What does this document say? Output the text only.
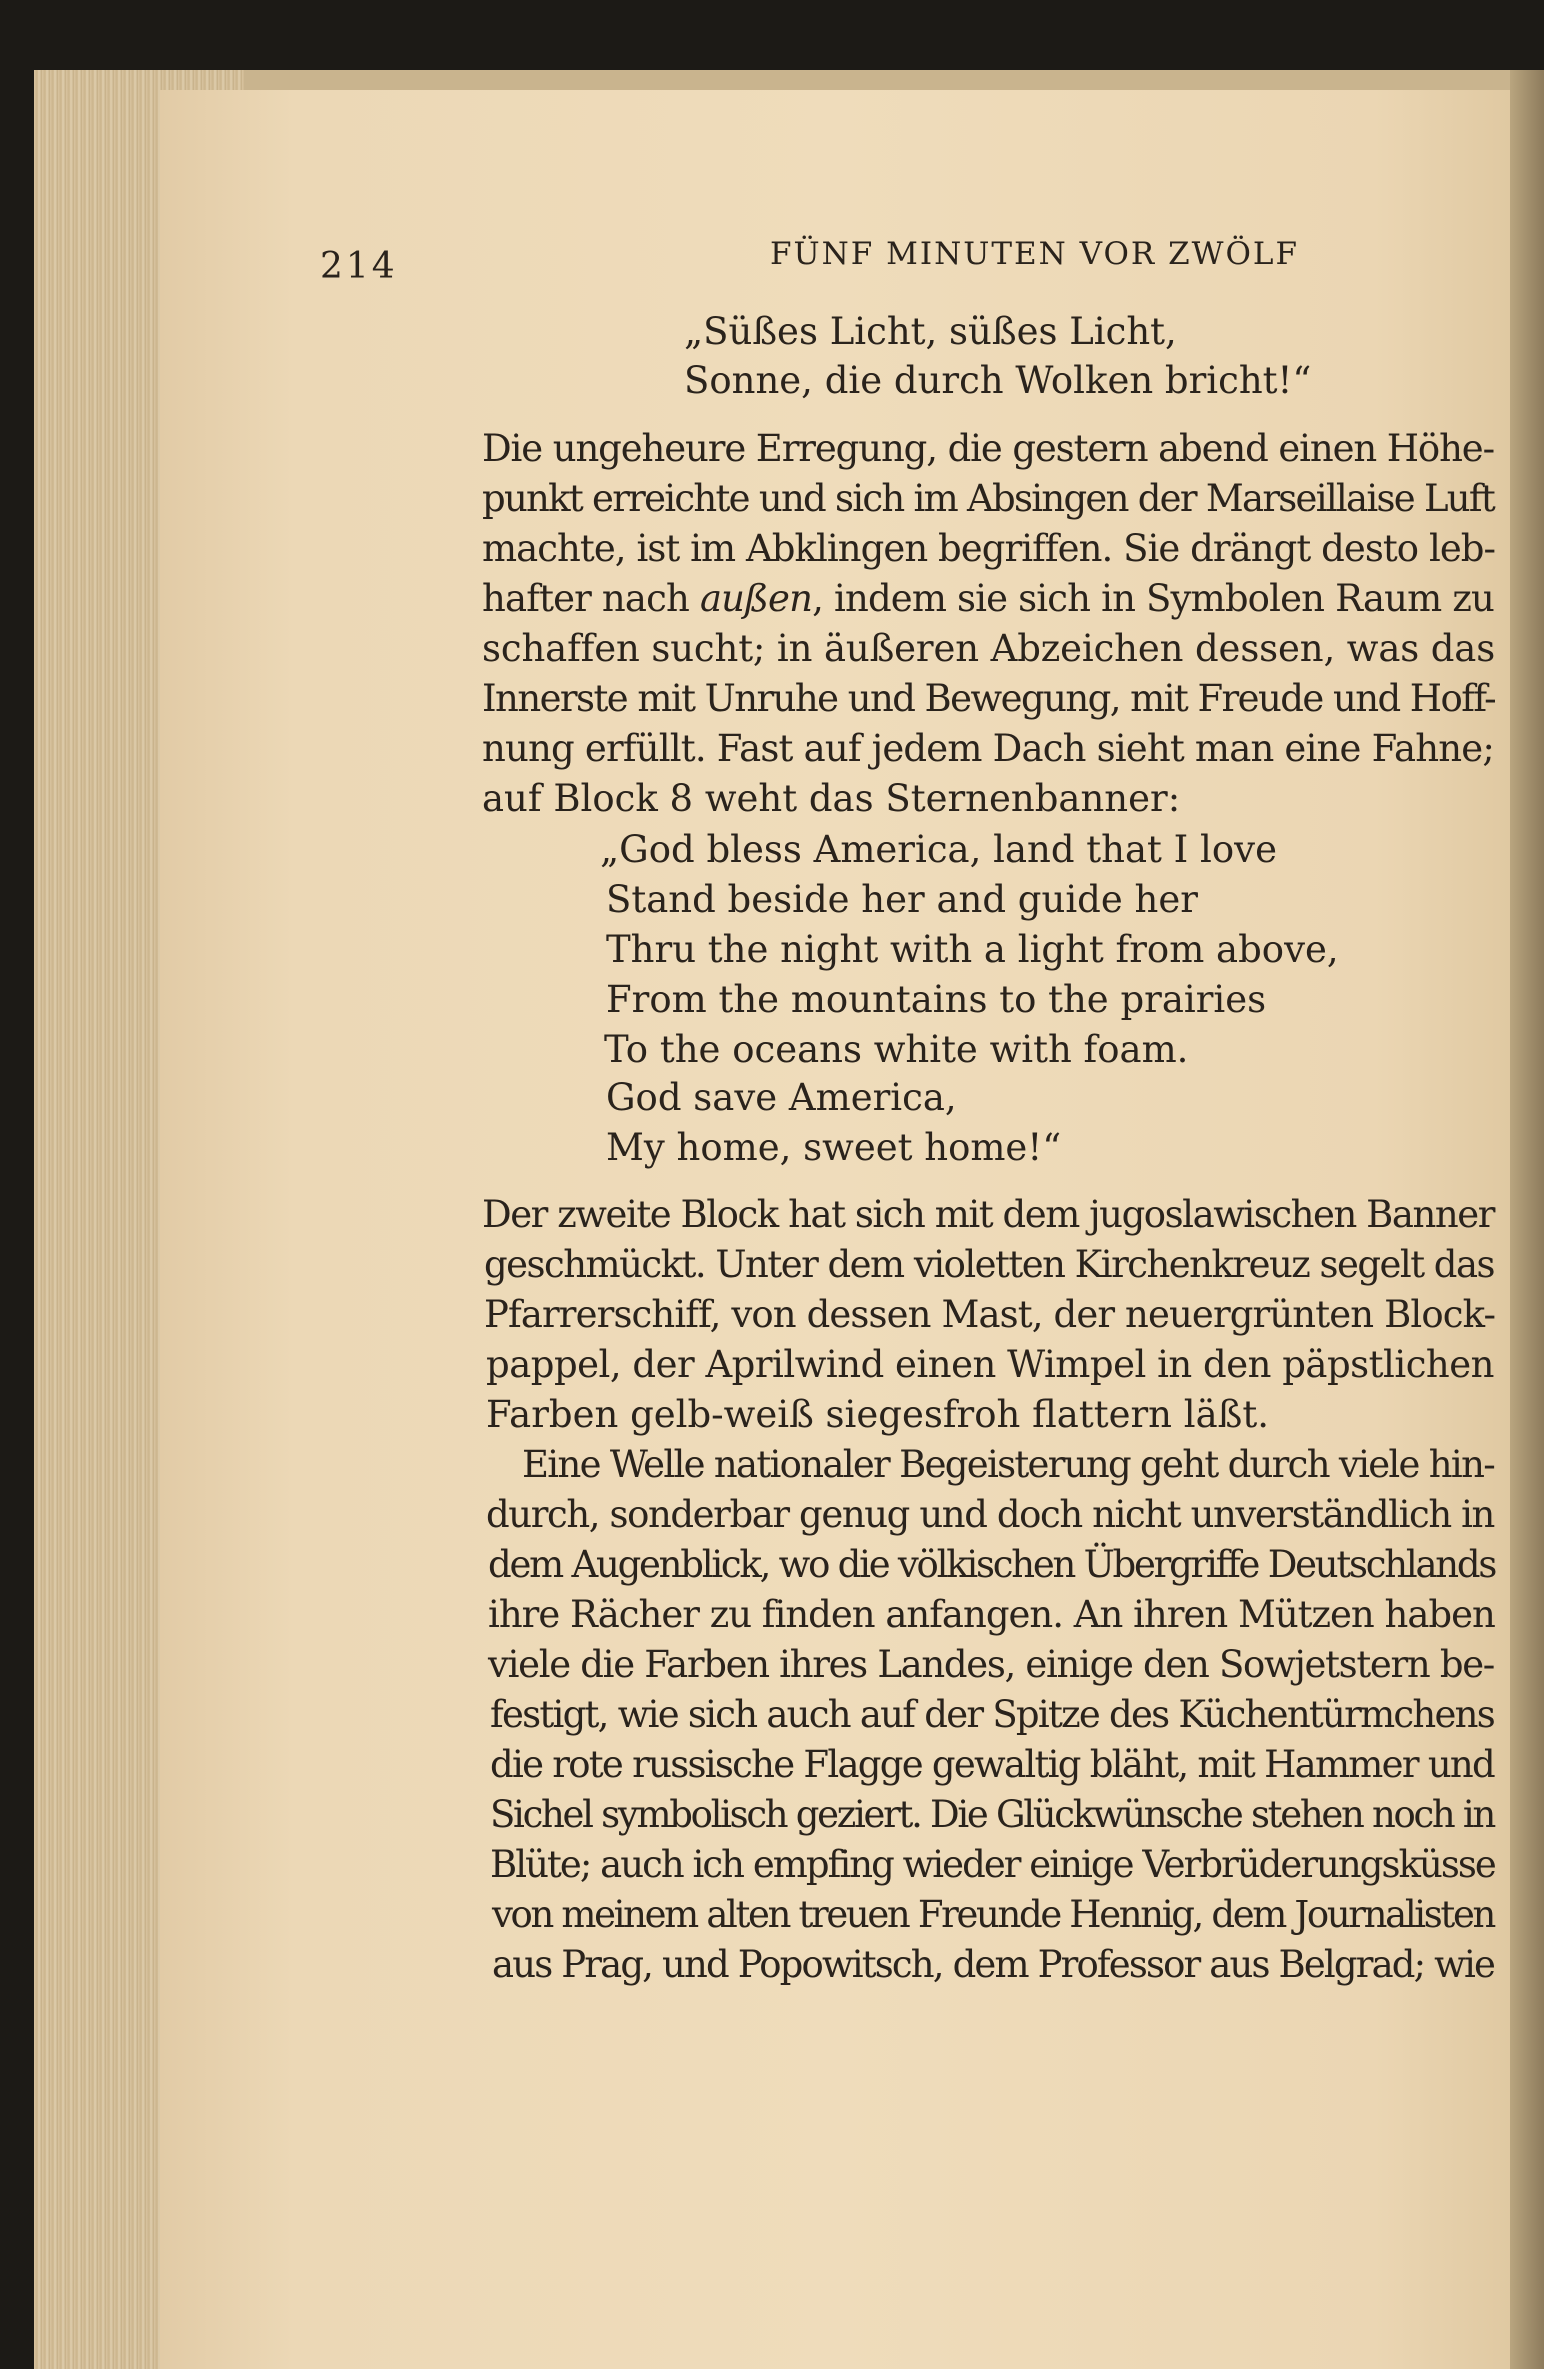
214	FÜNF MINUTEN VOR ZWÖLF
„Süßes Licht, süßes Licht,
Sonne, die durch Wolken bricht!“
Die ungeheure Erregung, die gestern abend einen Höhe-
punkt erreichte und sich im Absingen der Marseillaise Luft
machte, ist im Abklingen begriffen. Sie drängt desto leb-
hafter nach außen, indem sie sich in Symbolen Raum zu
schaffen sucht; in äußeren Abzeichen dessen, was das
Innerste mit Unruhe und Bewegung, mit Freude und Hoff-
nung erfüllt. Fast auf jedem Dach sieht man eine Fahne;
auf Block 8 weht das Sternenbanner:
„God bless America, land that I love
Stand beside her and guide her
Thru the night with a light from above,
From the mountains to the prairies
To the oceans white with foam.
God save America,
My home, sweet home!“
Der zweite Block hat sich mit dem jugoslawischen Banner
geschmückt. Unter dem violetten Kirchenkreuz segelt das
Pfarrerschiff, von dessen Mast, der neuergrünten Block-
pappel, der Aprilwind einen Wimpel in den päpstlichen
Farben gelb-weiß siegesfroh flattern läßt.
Eine Welle nationaler Begeisterung geht durch viele hin-
durch, sonderbar genug und doch nicht unverständlich in
dem Augenblick, wo die völkischen Übergriffe Deutschlands
ihre Rächer zu finden anfangen. An ihren Mützen haben
viele die Farben ihres Landes, einige den Sowjetstern be-
festigt, wie sich auch auf der Spitze des Küchentürmchens
die rote russische Flagge gewaltig bläht, mit Hammer und
Sichel symbolisch geziert. Die Glückwünsche stehen noch in
Blüte; auch ich empfing wieder einige Verbrüderungsküsse
von meinem alten treuen Freunde Hennig, dem Journalisten
aus Prag, und Popowitsch, dem Professor aus Belgrad; wie
